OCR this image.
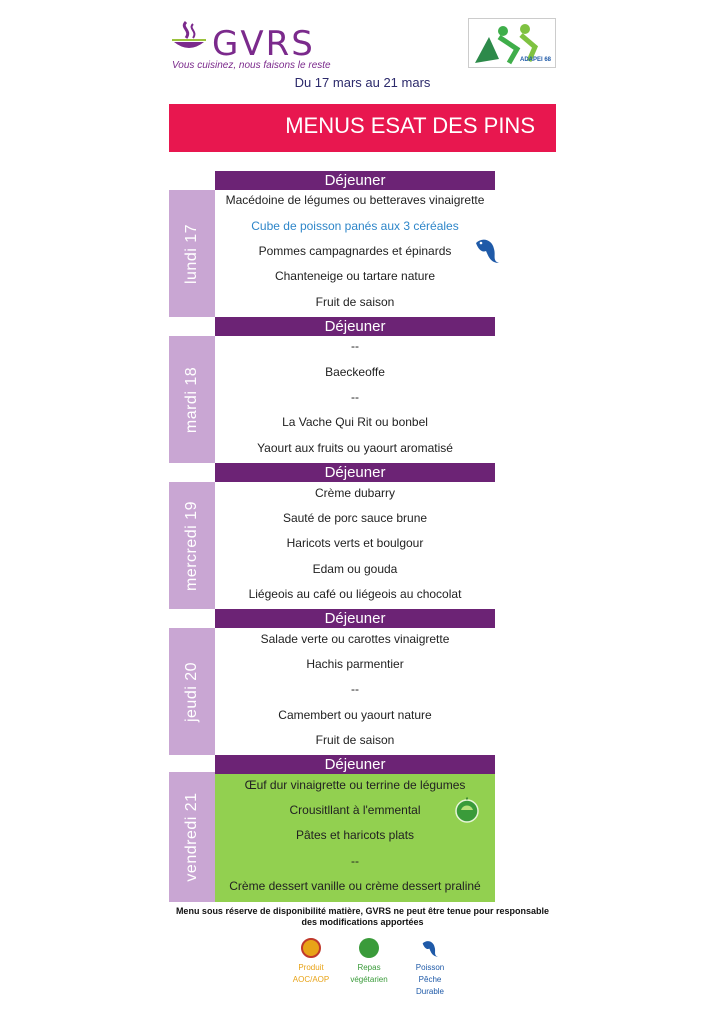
GVRS
Vous cuisinez, nous faisons le reste	ADAPEI 68
Du 17 mars au 21 mars
MENUS ESAT DES PINS
Déjeuner
lundi 17
Macédoine de légumes ou betteraves vinaigrette
Cube de poisson panés aux 3 céréales
Pommes campagnardes et épinards
Chanteneige ou tartare nature
Fruit de saison
Déjeuner
mardi 18
--
Baeckeoffe
--
La Vache Qui Rit ou bonbel
Yaourt aux fruits ou yaourt aromatisé
Déjeuner
mercredi 19
Crème dubarry
Sauté de porc sauce brune
Haricots verts et boulgour
Edam ou gouda
Liégeois au café ou liégeois au chocolat
Déjeuner
jeudi 20
Salade verte ou carottes vinaigrette
Hachis parmentier
--
Camembert ou yaourt nature
Fruit de saison
Déjeuner
vendredi 21
Œuf dur vinaigrette ou terrine de légumes
Crousitllant à l'emmental
Pâtes et haricots plats
--
Crème dessert vanille ou crème dessert praliné
Menu sous réserve de disponibilité matière, GVRS ne peut être tenue pour responsable
des modifications apportées
Produit
AOC/AOP
Repas
végétarien
Poisson
Pêche
Durable
